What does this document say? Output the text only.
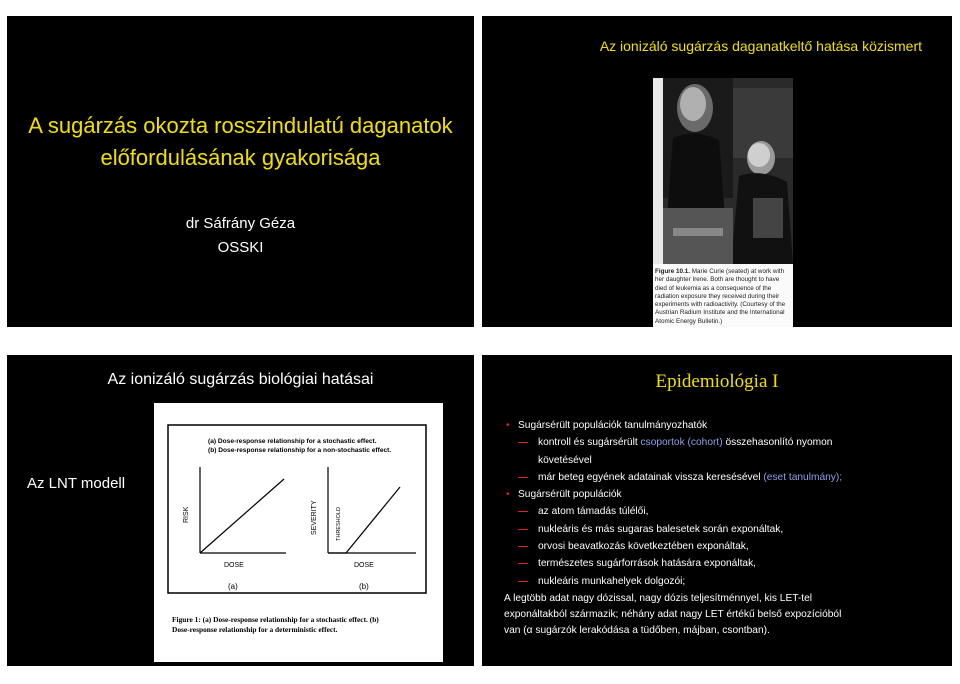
A sugárzás okozta rosszindulatú daganatok
előfordulásának gyakorisága
dr Sáfrány Géza
OSSKI
Az ionizáló sugárzás daganatkeltő hatása közismert
Figure 10.1. Marie Curie (seated) at work with her daughter Irene. Both are thought to have died of leukemia as a consequence of the radiation exposure they received during their experiments with radioactivity. (Courtesy of the Austrian Radium Institute and the International Atomic Energy Bulletin.)
Az ionizáló sugárzás biológiai hatásai
Az LNT modell
(a) Dose-response relationship for a stochastic effect.
(b) Dose-response relationship for a non-stochastic effect.
RISK
DOSE
(a)
SEVERITY	THRESHOLD
DOSE
(b)
Figure 1: (a) Dose-response relationship for a stochastic effect. (b)
Dose-response relationship for a deterministic effect.
Epidemiológia I
• Sugársérült populációk tanulmányozhatók
kontroll és sugársérült csoportok (cohort) összehasonlító nyomon
követésével
már beteg egyének adatainak vissza keresésével (eset tanulmány);
• Sugársérült populációk
az atom támadás túlélői,
nukleáris és más sugaras balesetek során exponáltak,
orvosi beavatkozás következtében exponáltak,
természetes sugárforrások hatására exponáltak,
nukleáris munkahelyek dolgozói;
A legtöbb adat nagy dózissal, nagy dózis teljesítménnyel, kis LET-tel
exponáltakból származik; néhány adat nagy LET értékű belső expozícióból
van (α sugárzók lerakódása a tüdőben, májban, csontban).
